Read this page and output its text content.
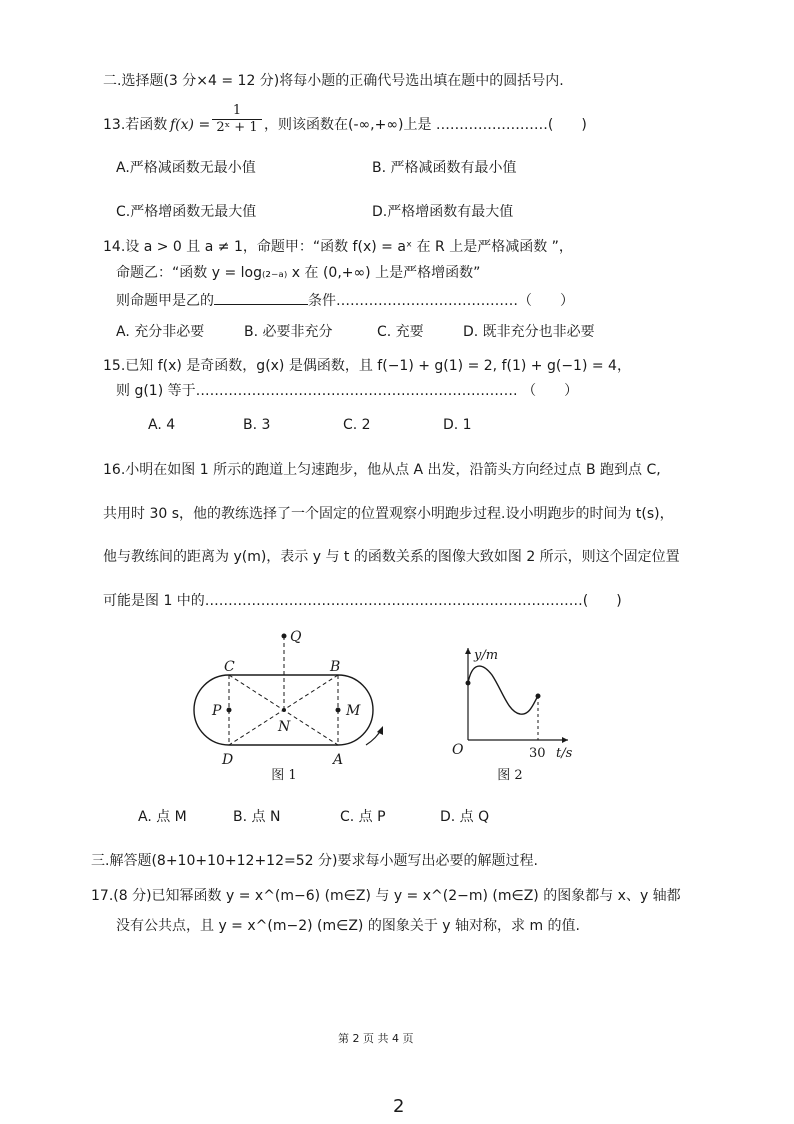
二.选择题(3 分×4 = 12 分)将每小题的正确代号选出填在题中的圆括号内.
13.若函数 $f(x) = \frac{1}{\text{2ˣ + 1}}$ ，则该函数在(-∞,+∞)上是 ……………………(　　)
A.严格减函数无最小值	B. 严格减函数有最小值
C.严格增函数无最大值	D.严格增函数有最大值
14.设 a > 0 且 a ≠ 1，命题甲：“函数 f(x) = aˣ 在 R 上是严格减函数 ”，
命题乙：“函数 y = log₍₂₋ₐ₎ x 在 (0,+∞) 上是严格增函数”
则命题甲是乙的	条件…………………………………（　　）
A. 充分非必要	B. 必要非充分	C. 充要	D. 既非充分也非必要
15.已知 f(x) 是奇函数，g(x) 是偶函数，且 f(−1) + g(1) = 2, f(1) + g(−1) = 4，
则 g(1) 等于…………………………………………………………… （　　）
A. 4	B. 3	C. 2	D. 1
16.小明在如图 1 所示的跑道上匀速跑步，他从点 A 出发，沿箭头方向经过点 B 跑到点 C,
共用时 30 s，他的教练选择了一个固定的位置观察小明跑步过程.设小明跑步的时间为 t(s)，
他与教练间的距离为 y(m)，表示 y 与 t 的函数关系的图像大致如图 2 所示，则这个固定位置
可能是图 1 中的………………………………………………………………………(　　)
Q
C	B
P
N
M
D	A
图 1
y/m
O	30 t/s
图 2
A. 点 M	B. 点 N	C. 点 P	D. 点 Q
三.解答题(8+10+10+12+12=52 分)要求每小题写出必要的解题过程.
17.(8 分)已知幂函数 y = x^(m−6) (m∈Z) 与 y = x^(2−m) (m∈Z) 的图象都与 x、y 轴都
没有公共点，且 y = x^(m−2) (m∈Z) 的图象关于 y 轴对称，求 m 的值.
第 2 页 共 4 页
2
